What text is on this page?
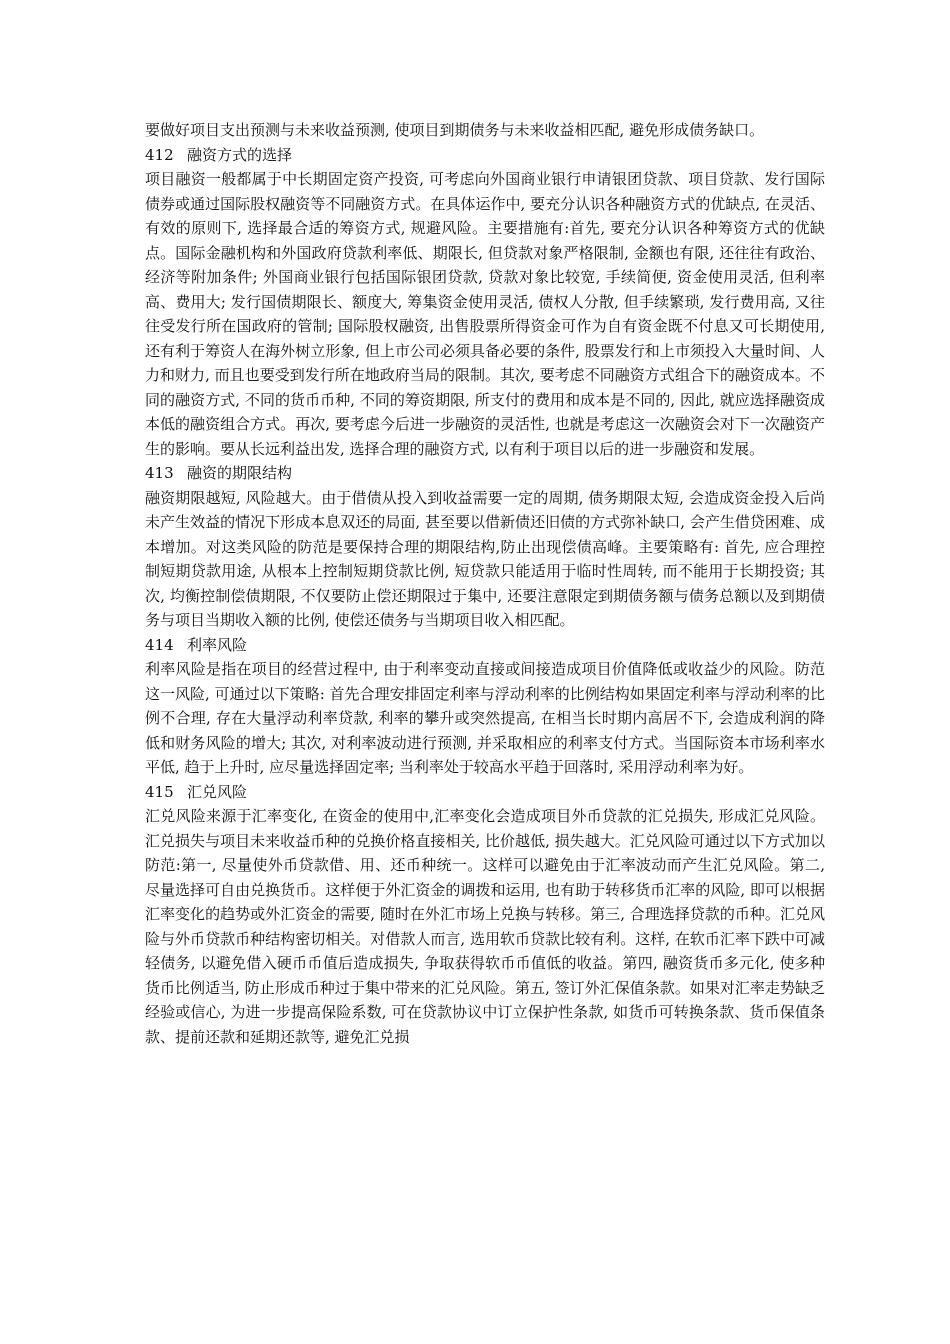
要做好项目支出预测与未来收益预测, 使项目到期债务与未来收益相匹配, 避免形成债务缺口。

412 融资方式的选择

项目融资一般都属于中长期固定资产投资, 可考虑向外国商业银行申请银团贷款、项目贷款、发行国际债券或通过国际股权融资等不同融资方式。在具体运作中, 要充分认识各种融资方式的优缺点, 在灵活、有效的原则下, 选择最合适的筹资方式, 规避风险。主要措施有:首先, 要充分认识各种筹资方式的优缺点。国际金融机构和外国政府贷款利率低、期限长, 但贷款对象严格限制, 金额也有限, 还往往有政治、经济等附加条件; 外国商业银行包括国际银团贷款, 贷款对象比较宽, 手续简便, 资金使用灵活, 但利率高、费用大; 发行国债期限长、额度大, 筹集资金使用灵活, 债权人分散, 但手续繁琐, 发行费用高, 又往往受发行所在国政府的管制; 国际股权融资, 出售股票所得资金可作为自有资金既不付息又可长期使用, 还有利于筹资人在海外树立形象, 但上市公司必须具备必要的条件, 股票发行和上市须投入大量时间、人力和财力, 而且也要受到发行所在地政府当局的限制。其次, 要考虑不同融资方式组合下的融资成本。不同的融资方式, 不同的货币币种, 不同的筹资期限, 所支付的费用和成本是不同的, 因此, 就应选择融资成本低的融资组合方式。再次, 要考虑今后进一步融资的灵活性, 也就是考虑这一次融资会对下一次融资产生的影响。要从长远利益出发, 选择合理的融资方式, 以有利于项目以后的进一步融资和发展。

413 融资的期限结构

融资期限越短, 风险越大。由于借债从投入到收益需要一定的周期, 债务期限太短, 会造成资金投入后尚未产生效益的情况下形成本息双还的局面, 甚至要以借新债还旧债的方式弥补缺口, 会产生借贷困难、成本增加。对这类风险的防范是要保持合理的期限结构,防止出现偿债高峰。主要策略有: 首先, 应合理控制短期贷款用途, 从根本上控制短期贷款比例, 短贷款只能适用于临时性周转, 而不能用于长期投资; 其次, 均衡控制偿债期限, 不仅要防止偿还期限过于集中, 还要注意限定到期债务额与债务总额以及到期债务与项目当期收入额的比例, 使偿还债务与当期项目收入相匹配。

414 利率风险

利率风险是指在项目的经营过程中, 由于利率变动直接或间接造成项目价值降低或收益少的风险。防范这一风险, 可通过以下策略: 首先合理安排固定利率与浮动利率的比例结构如果固定利率与浮动利率的比例不合理, 存在大量浮动利率贷款, 利率的攀升或突然提高, 在相当长时期内高居不下, 会造成利润的降低和财务风险的增大; 其次, 对利率波动进行预测, 并采取相应的利率支付方式。当国际资本市场利率水平低, 趋于上升时, 应尽量选择固定率; 当利率处于较高水平趋于回落时, 采用浮动利率为好。

415 汇兑风险

汇兑风险来源于汇率变化, 在资金的使用中,汇率变化会造成项目外币贷款的汇兑损失, 形成汇兑风险。汇兑损失与项目未来收益币种的兑换价格直接相关, 比价越低, 损失越大。汇兑风险可通过以下方式加以防范:第一, 尽量使外币贷款借、用、还币种统一。这样可以避免由于汇率波动而产生汇兑风险。第二, 尽量选择可自由兑换货币。这样便于外汇资金的调拨和运用, 也有助于转移货币汇率的风险, 即可以根据汇率变化的趋势或外汇资金的需要, 随时在外汇市场上兑换与转移。第三, 合理选择贷款的币种。汇兑风险与外币贷款币种结构密切相关。对借款人而言, 选用软币贷款比较有利。这样, 在软币汇率下跌中可减轻债务, 以避免借入硬币币值后造成损失, 争取获得软币币值低的收益。第四, 融资货币多元化, 使多种货币比例适当, 防止形成币种过于集中带来的汇兑风险。第五, 签订外汇保值条款。如果对汇率走势缺乏经验或信心, 为进一步提高保险系数, 可在贷款协议中订立保护性条款, 如货币可转换条款、货币保值条款、提前还款和延期还款等, 避免汇兑损
